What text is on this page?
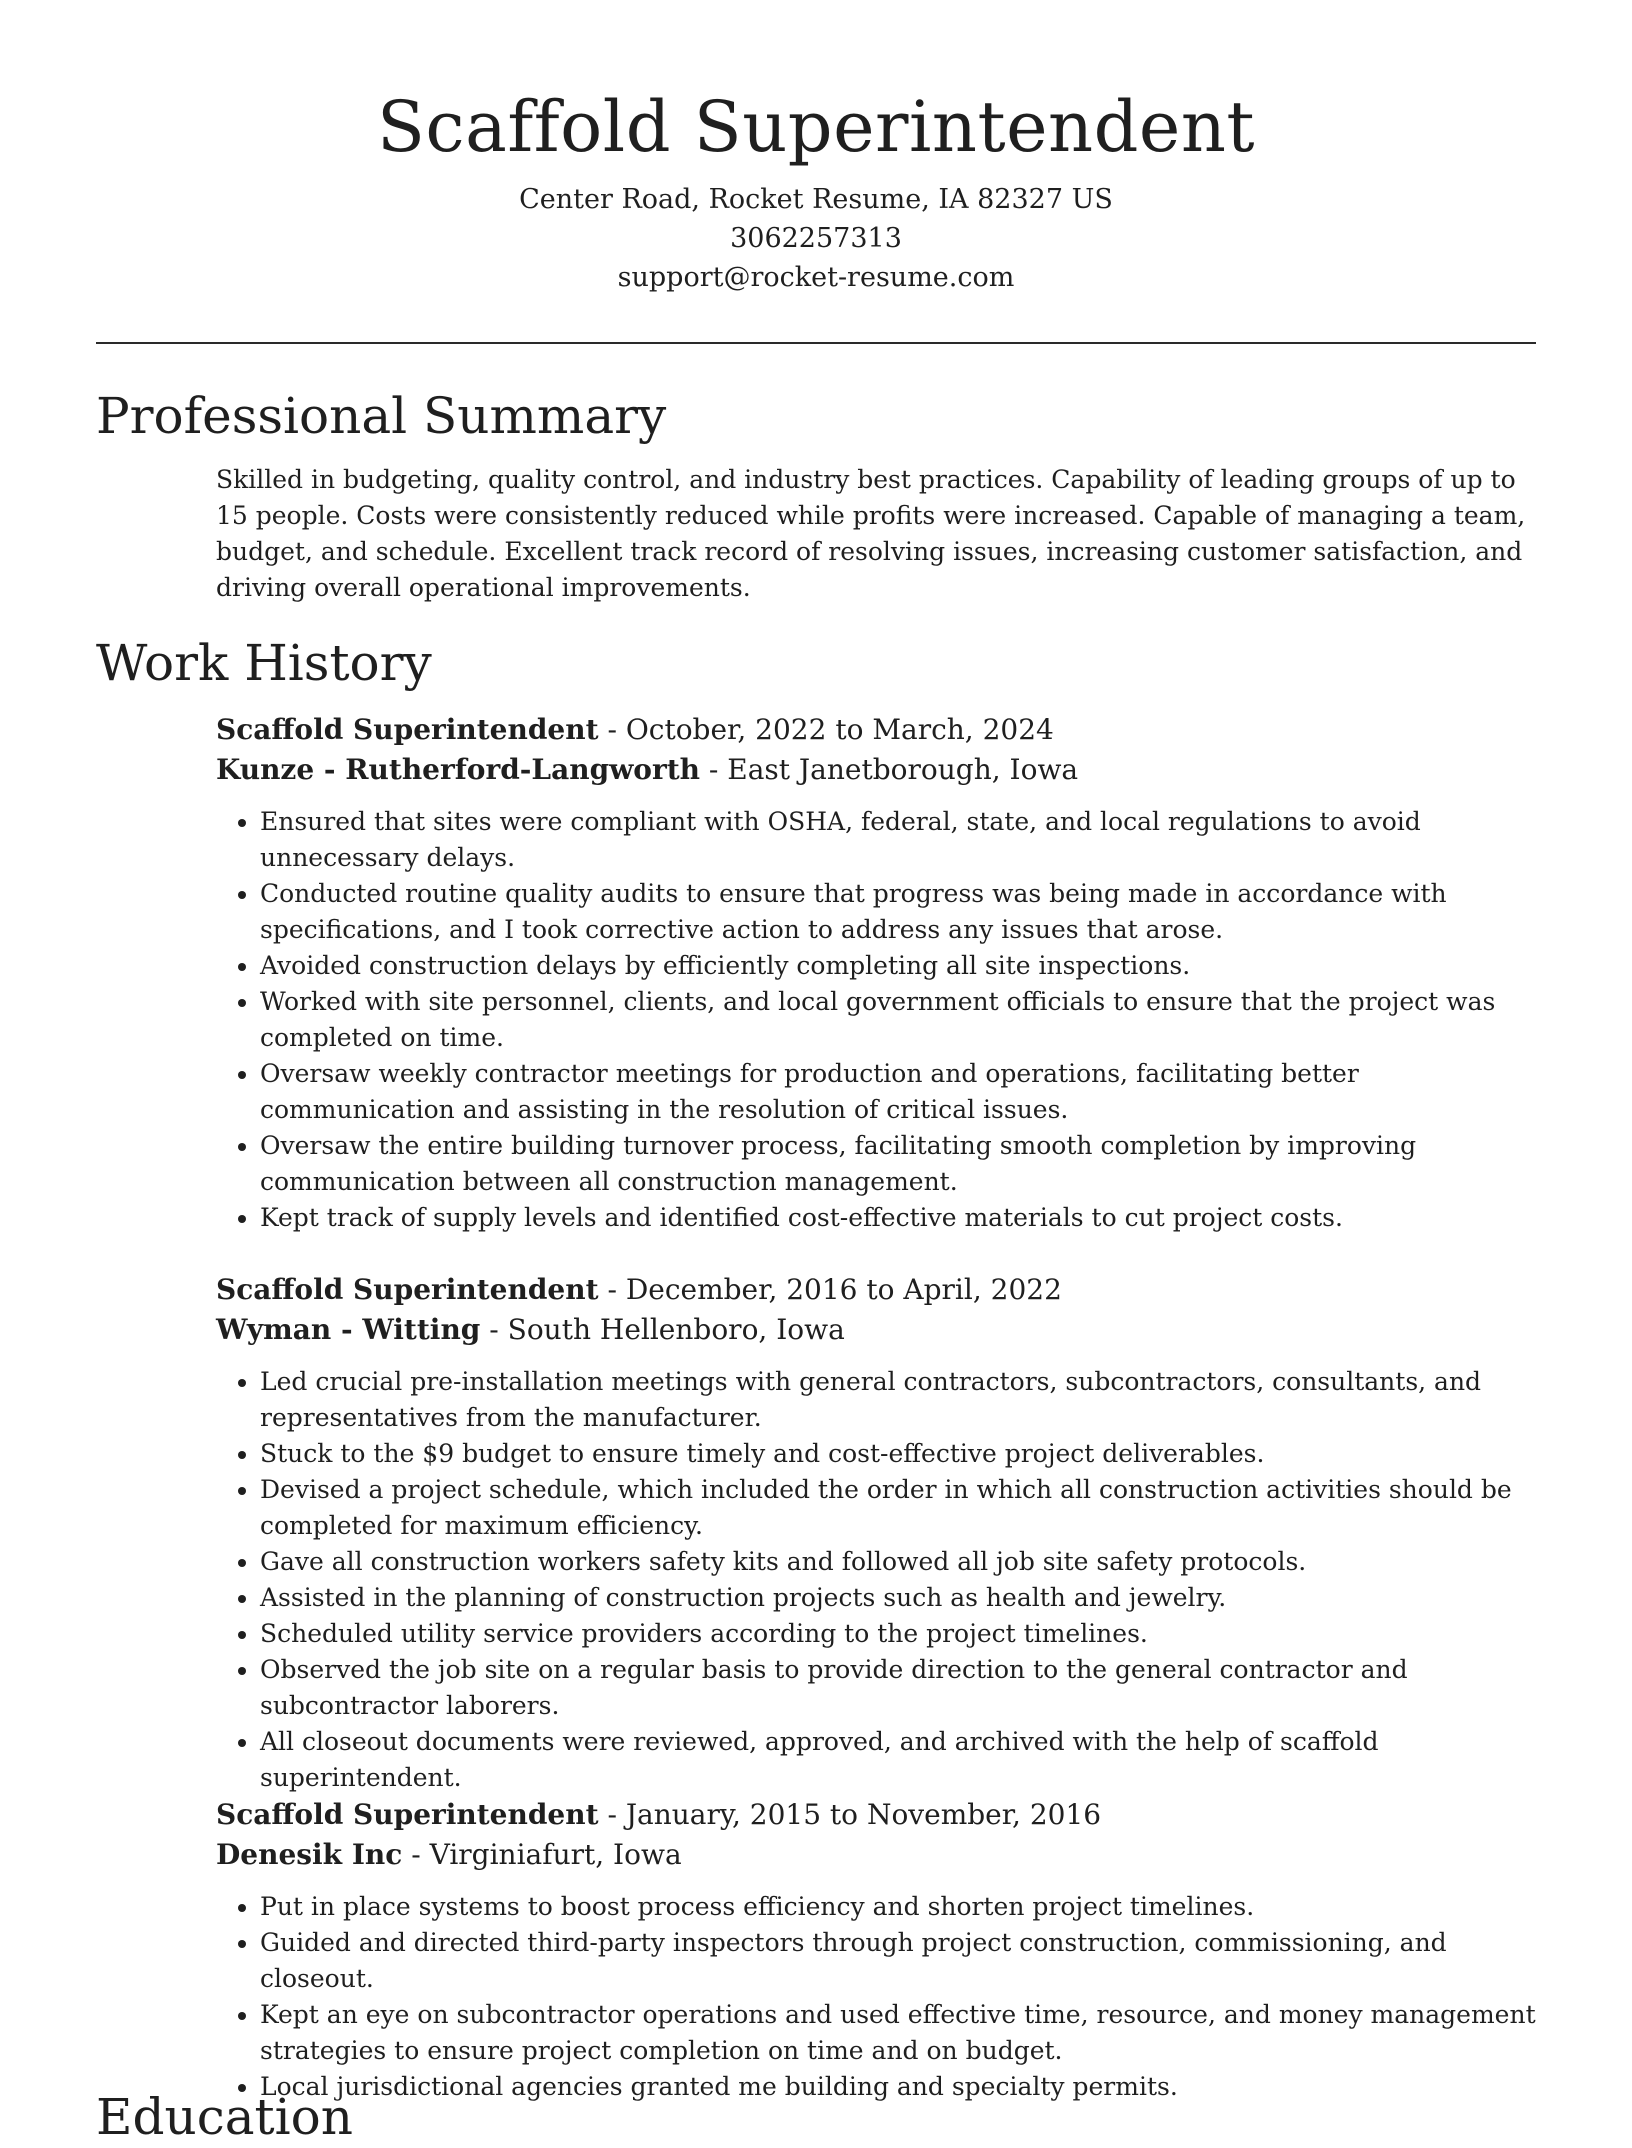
Scaffold Superintendent
Center Road, Rocket Resume, IA 82327 US
3062257313
support@rocket-resume.com
Professional Summary
Skilled in budgeting, quality control, and industry best practices. Capability of leading groups of up to 15 people. Costs were consistently reduced while profits were increased. Capable of managing a team, budget, and schedule. Excellent track record of resolving issues, increasing customer satisfaction, and driving overall operational improvements.
Work History
Scaffold Superintendent - October, 2022 to March, 2024
Kunze - Rutherford-Langworth - East Janetborough, Iowa
• Ensured that sites were compliant with OSHA, federal, state, and local regulations to avoid unnecessary delays.
• Conducted routine quality audits to ensure that progress was being made in accordance with specifications, and I took corrective action to address any issues that arose.
• Avoided construction delays by efficiently completing all site inspections.
• Worked with site personnel, clients, and local government officials to ensure that the project was completed on time.
• Oversaw weekly contractor meetings for production and operations, facilitating better communication and assisting in the resolution of critical issues.
• Oversaw the entire building turnover process, facilitating smooth completion by improving communication between all construction management.
• Kept track of supply levels and identified cost-effective materials to cut project costs.
Scaffold Superintendent - December, 2016 to April, 2022
Wyman - Witting - South Hellenboro, Iowa
• Led crucial pre-installation meetings with general contractors, subcontractors, consultants, and representatives from the manufacturer.
• Stuck to the $9 budget to ensure timely and cost-effective project deliverables.
• Devised a project schedule, which included the order in which all construction activities should be completed for maximum efficiency.
• Gave all construction workers safety kits and followed all job site safety protocols.
• Assisted in the planning of construction projects such as health and jewelry.
• Scheduled utility service providers according to the project timelines.
• Observed the job site on a regular basis to provide direction to the general contractor and subcontractor laborers.
• All closeout documents were reviewed, approved, and archived with the help of scaffold superintendent.
Scaffold Superintendent - January, 2015 to November, 2016
Denesik Inc - Virginiafurt, Iowa
• Put in place systems to boost process efficiency and shorten project timelines.
• Guided and directed third-party inspectors through project construction, commissioning, and closeout.
• Kept an eye on subcontractor operations and used effective time, resource, and money management strategies to ensure project completion on time and on budget.
• Local jurisdictional agencies granted me building and specialty permits.
Education
